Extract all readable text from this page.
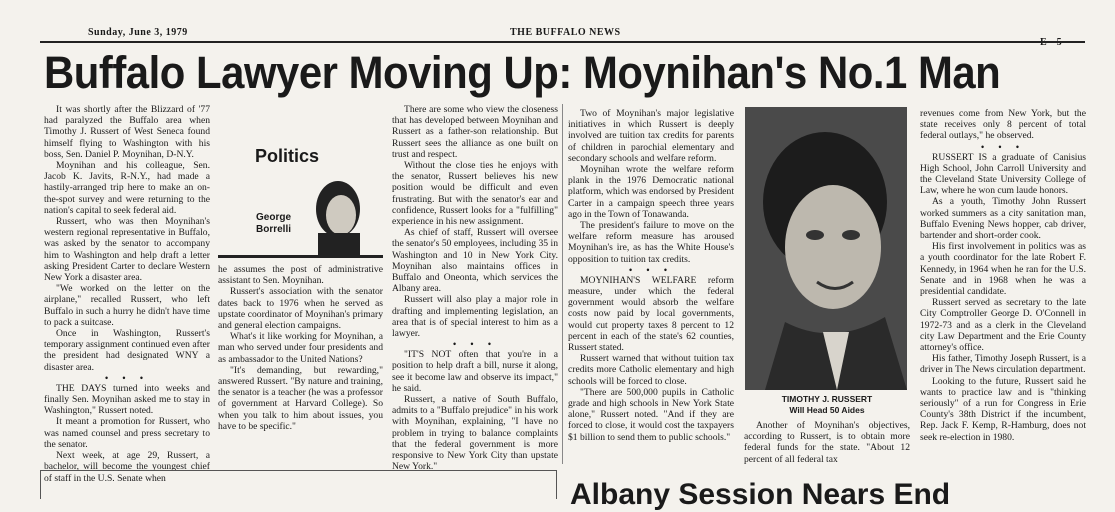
Sunday, June 3, 1979	THE BUFFALO NEWS
Buffalo Lawyer Moving Up: Moynihan's No.1 Man

It was shortly after the Blizzard of '77 had paralyzed the Buffalo area when Timothy J. Russert of West Seneca found himself flying to Washington with his boss, Sen. Daniel P. Moynihan, D-N.Y.

Moynihan and his colleague, Sen. Jacob K. Javits, R-N.Y., had made a hastily-arranged trip here to make an on-the-spot survey and were returning to the nation's capital to seek federal aid.

Russert, who was then Moynihan's western regional representative in Buffalo, was asked by the senator to accompany him to Washington and help draft a letter asking President Carter to declare Western New York a disaster area.

"We worked on the letter on the airplane," recalled Russert, who left Buffalo in such a hurry he didn't have time to pack a suitcase.

Once in Washington, Russert's temporary assignment continued even after the president had designated WNY a disaster area.

• • •

THE DAYS turned into weeks and finally Sen. Moynihan asked me to stay in Washington," Russert noted.

It meant a promotion for Russert, who was named counsel and press secretary to the senator.

Next week, at age 29, Russert, a bachelor, will become the youngest chief of staff in the U.S. Senate when

Politics
George
Borrelli

he assumes the post of administrative assistant to Sen. Moynihan.

Russert's association with the senator dates back to 1976 when he served as upstate coordinator of Moynihan's primary and general election campaigns.

What's it like working for Moynihan, a man who served under four presidents and as ambassador to the United Nations?

"It's demanding, but rewarding," answered Russert. "By nature and training, the senator is a teacher (he was a professor of government at Harvard College). So when you talk to him about issues, you have to be specific."

There are some who view the closeness that has developed between Moynihan and Russert as a father-son relationship. But Russert sees the alliance as one built on trust and respect.

Without the close ties he enjoys with the senator, Russert believes his new position would be difficult and even frustrating. But with the senator's ear and confidence, Russert looks for a "fulfilling" experience in his new assignment.

As chief of staff, Russert will oversee the senator's 50 employees, including 35 in Washington and 10 in New York City. Moynihan also maintains offices in Buffalo and Oneonta, which services the Albany area.

Russert will also play a major role in drafting and implementing legislation, an area that is of special interest to him as a lawyer.

• • •

"IT'S NOT often that you're in a position to help draft a bill, nurse it along, see it become law and observe its impact," he said.

Russert, a native of South Buffalo, admits to a "Buffalo prejudice" in his work with Moynihan, explaining, "I have no problem in trying to balance complaints that the federal government is more responsive to New York City than upstate New York."

Two of Moynihan's major legislative initiatives in which Russert is deeply involved are tuition tax credits for parents of children in parochial elementary and secondary schools and welfare reform.

Moynihan wrote the welfare reform plank in the 1976 Democratic national platform, which was endorsed by President Carter in a campaign speech three years ago in the Town of Tonawanda.

The president's failure to move on the welfare reform measure has aroused Moynihan's ire, as has the White House's opposition to tuition tax credits.

• • •

MOYNIHAN'S WELFARE reform measure, under which the federal government would absorb the welfare costs now paid by local governments, would cut property taxes 8 percent to 12 percent in each of the state's 62 counties, Russert stated.

Russert warned that without tuition tax credits more Catholic elementary and high schools will be forced to close.

"There are 500,000 pupils in Catholic grade and high schools in New York State alone," Russert noted. "And if they are forced to close, it would cost the taxpayers $1 billion to send them to public schools."

TIMOTHY J. RUSSERT
Will Head 50 Aides

Another of Moynihan's objectives, according to Russert, is to obtain more federal funds for the state. "About 12 percent of all federal tax

revenues come from New York, but the state receives only 8 percent of total federal outlays," he observed.

• • •

RUSSERT IS a graduate of Canisius High School, John Carroll University and the Cleveland State University College of Law, where he won cum laude honors.

As a youth, Timothy John Russert worked summers as a city sanitation man, Buffalo Evening News hopper, cab driver, bartender and short-order cook.

His first involvement in politics was as a youth coordinator for the late Robert F. Kennedy, in 1964 when he ran for the U.S. Senate and in 1968 when he was a presidential candidate.

Russert served as secretary to the late City Comptroller George D. O'Connell in 1972-73 and as a clerk in the Cleveland city Law Department and the Erie County attorney's office.

His father, Timothy Joseph Russert, is a driver in The News circulation department.

Looking to the future, Russert said he wants to practice law and is "thinking seriously" of a run for Congress in Erie County's 38th District if the incumbent, Rep. Jack F. Kemp, R-Hamburg, does not seek re-election in 1980.

Albany Session Nears End
